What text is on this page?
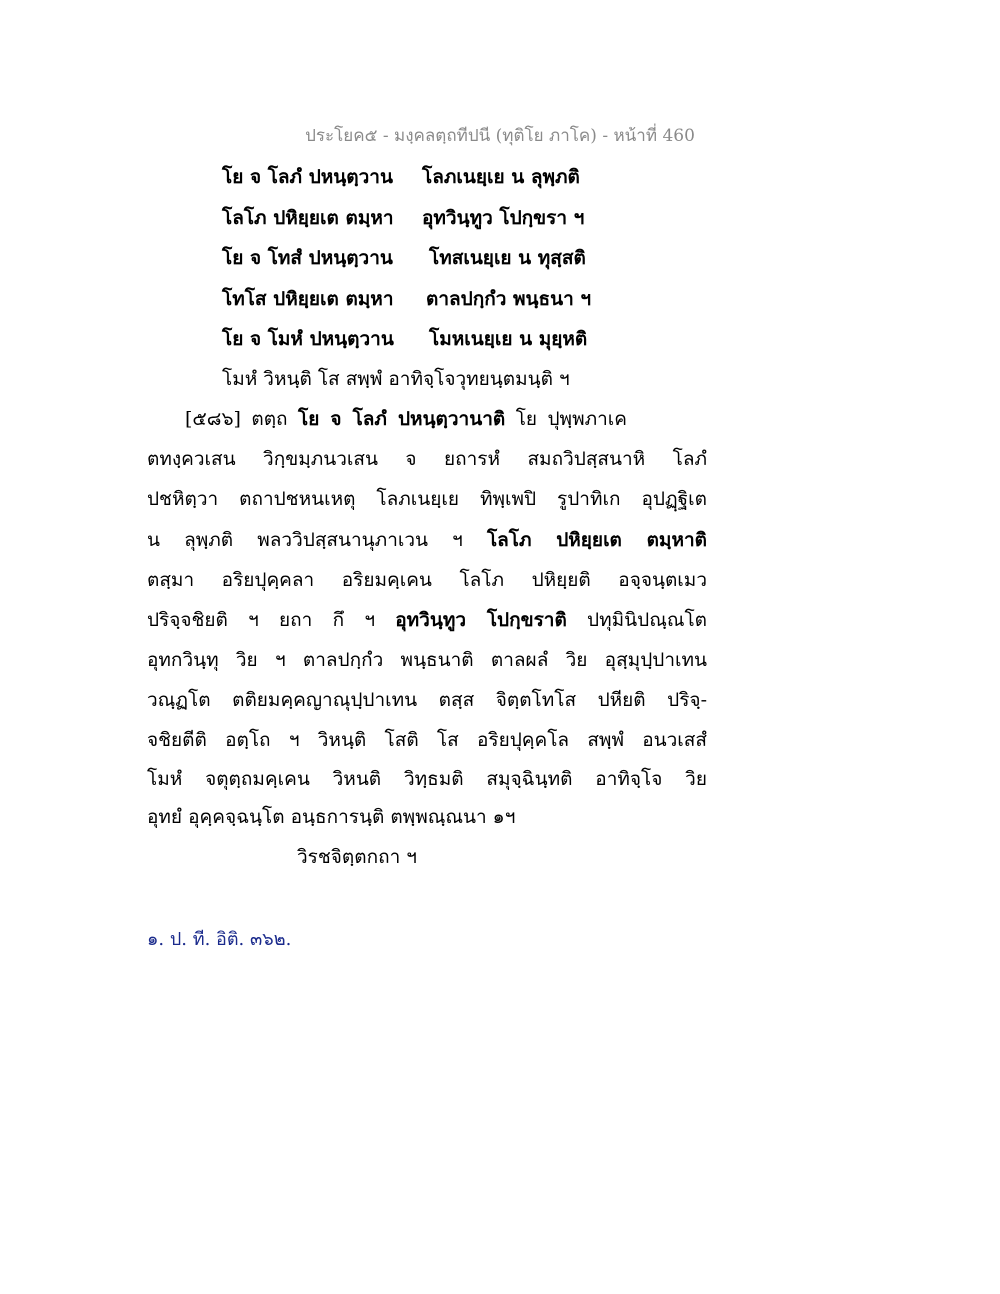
ประโยค๕ - มงฺคลตฺถทีปนี (ทุติโย ภาโค) - หน้าที่ 460
โย จ โลภํ ปหนฺตฺวาน โลภเนยฺเย น ลุพฺภติ
โลโภ ปหิยฺยเต ตมฺหา อุทวินฺทูว โปกฺขรา ฯ
โย จ โทสํ ปหนฺตฺวาน โทสเนยฺเย น ทุสฺสติ
โทโส ปหิยฺยเต ตมฺหา ตาลปกฺกํว พนฺธนา ฯ
โย จ โมหํ ปหนฺตฺวาน โมหเนยฺเย น มุยฺหติ
โมหํ วิหนฺติ โส สพฺพํ อาทิจฺโจวุทยนฺตมนฺติ ฯ
[๕๘๖] ตตฺถ โย จ โลภํ ปหนฺตฺวานาติ โย ปุพฺพภาเค
ตทงฺควเสน วิกฺขมฺภนวเสน จ ยถารหํ สมถวิปสฺสนาหิ โลภํ
ปชหิตฺวา ตถาปชหนเหตุ โลภเนยฺเย ทิพฺเพปิ รูปาทิเก อุปฏฺฐิเต
น ลุพฺภติ พลววิปสฺสนานุภาเวน ฯ โลโภ ปหิยฺยเต ตมฺหาติ
ตสฺมา อริยปุคฺคลา อริยมคฺเคน โลโภ ปหิยฺยติ อจฺจนฺตเมว
ปริจฺจชิยติ ฯ ยถา กึ ฯ อุทวินฺทูว โปกฺขราติ ปทุมินิปณฺณโต
อุทกวินฺทุ วิย ฯ ตาลปกฺกํว พนฺธนาติ ตาลผลํ วิย อุสฺมุปฺปาเทน
วณฺฏโต ตติยมคฺคญาณุปฺปาเทน ตสฺส จิตฺตโทโส ปหียติ ปริจฺ-
จชิยตีติ อตฺโถ ฯ วิหนฺติ โสติ โส อริยปุคฺคโล สพฺพํ อนวเสสํ
โมหํ จตุตฺถมคฺเคน วิหนติ วิทฺธมติ สมุจฺฉินฺทติ อาทิจฺโจ วิย
อุทยํ อุคฺคจฺฉนฺโต อนฺธการนฺติ ตพฺพณฺณนา ๑ฯ
วิรชจิตฺตกถา ฯ
๑. ป. ที. อิติ. ๓๖๒.
